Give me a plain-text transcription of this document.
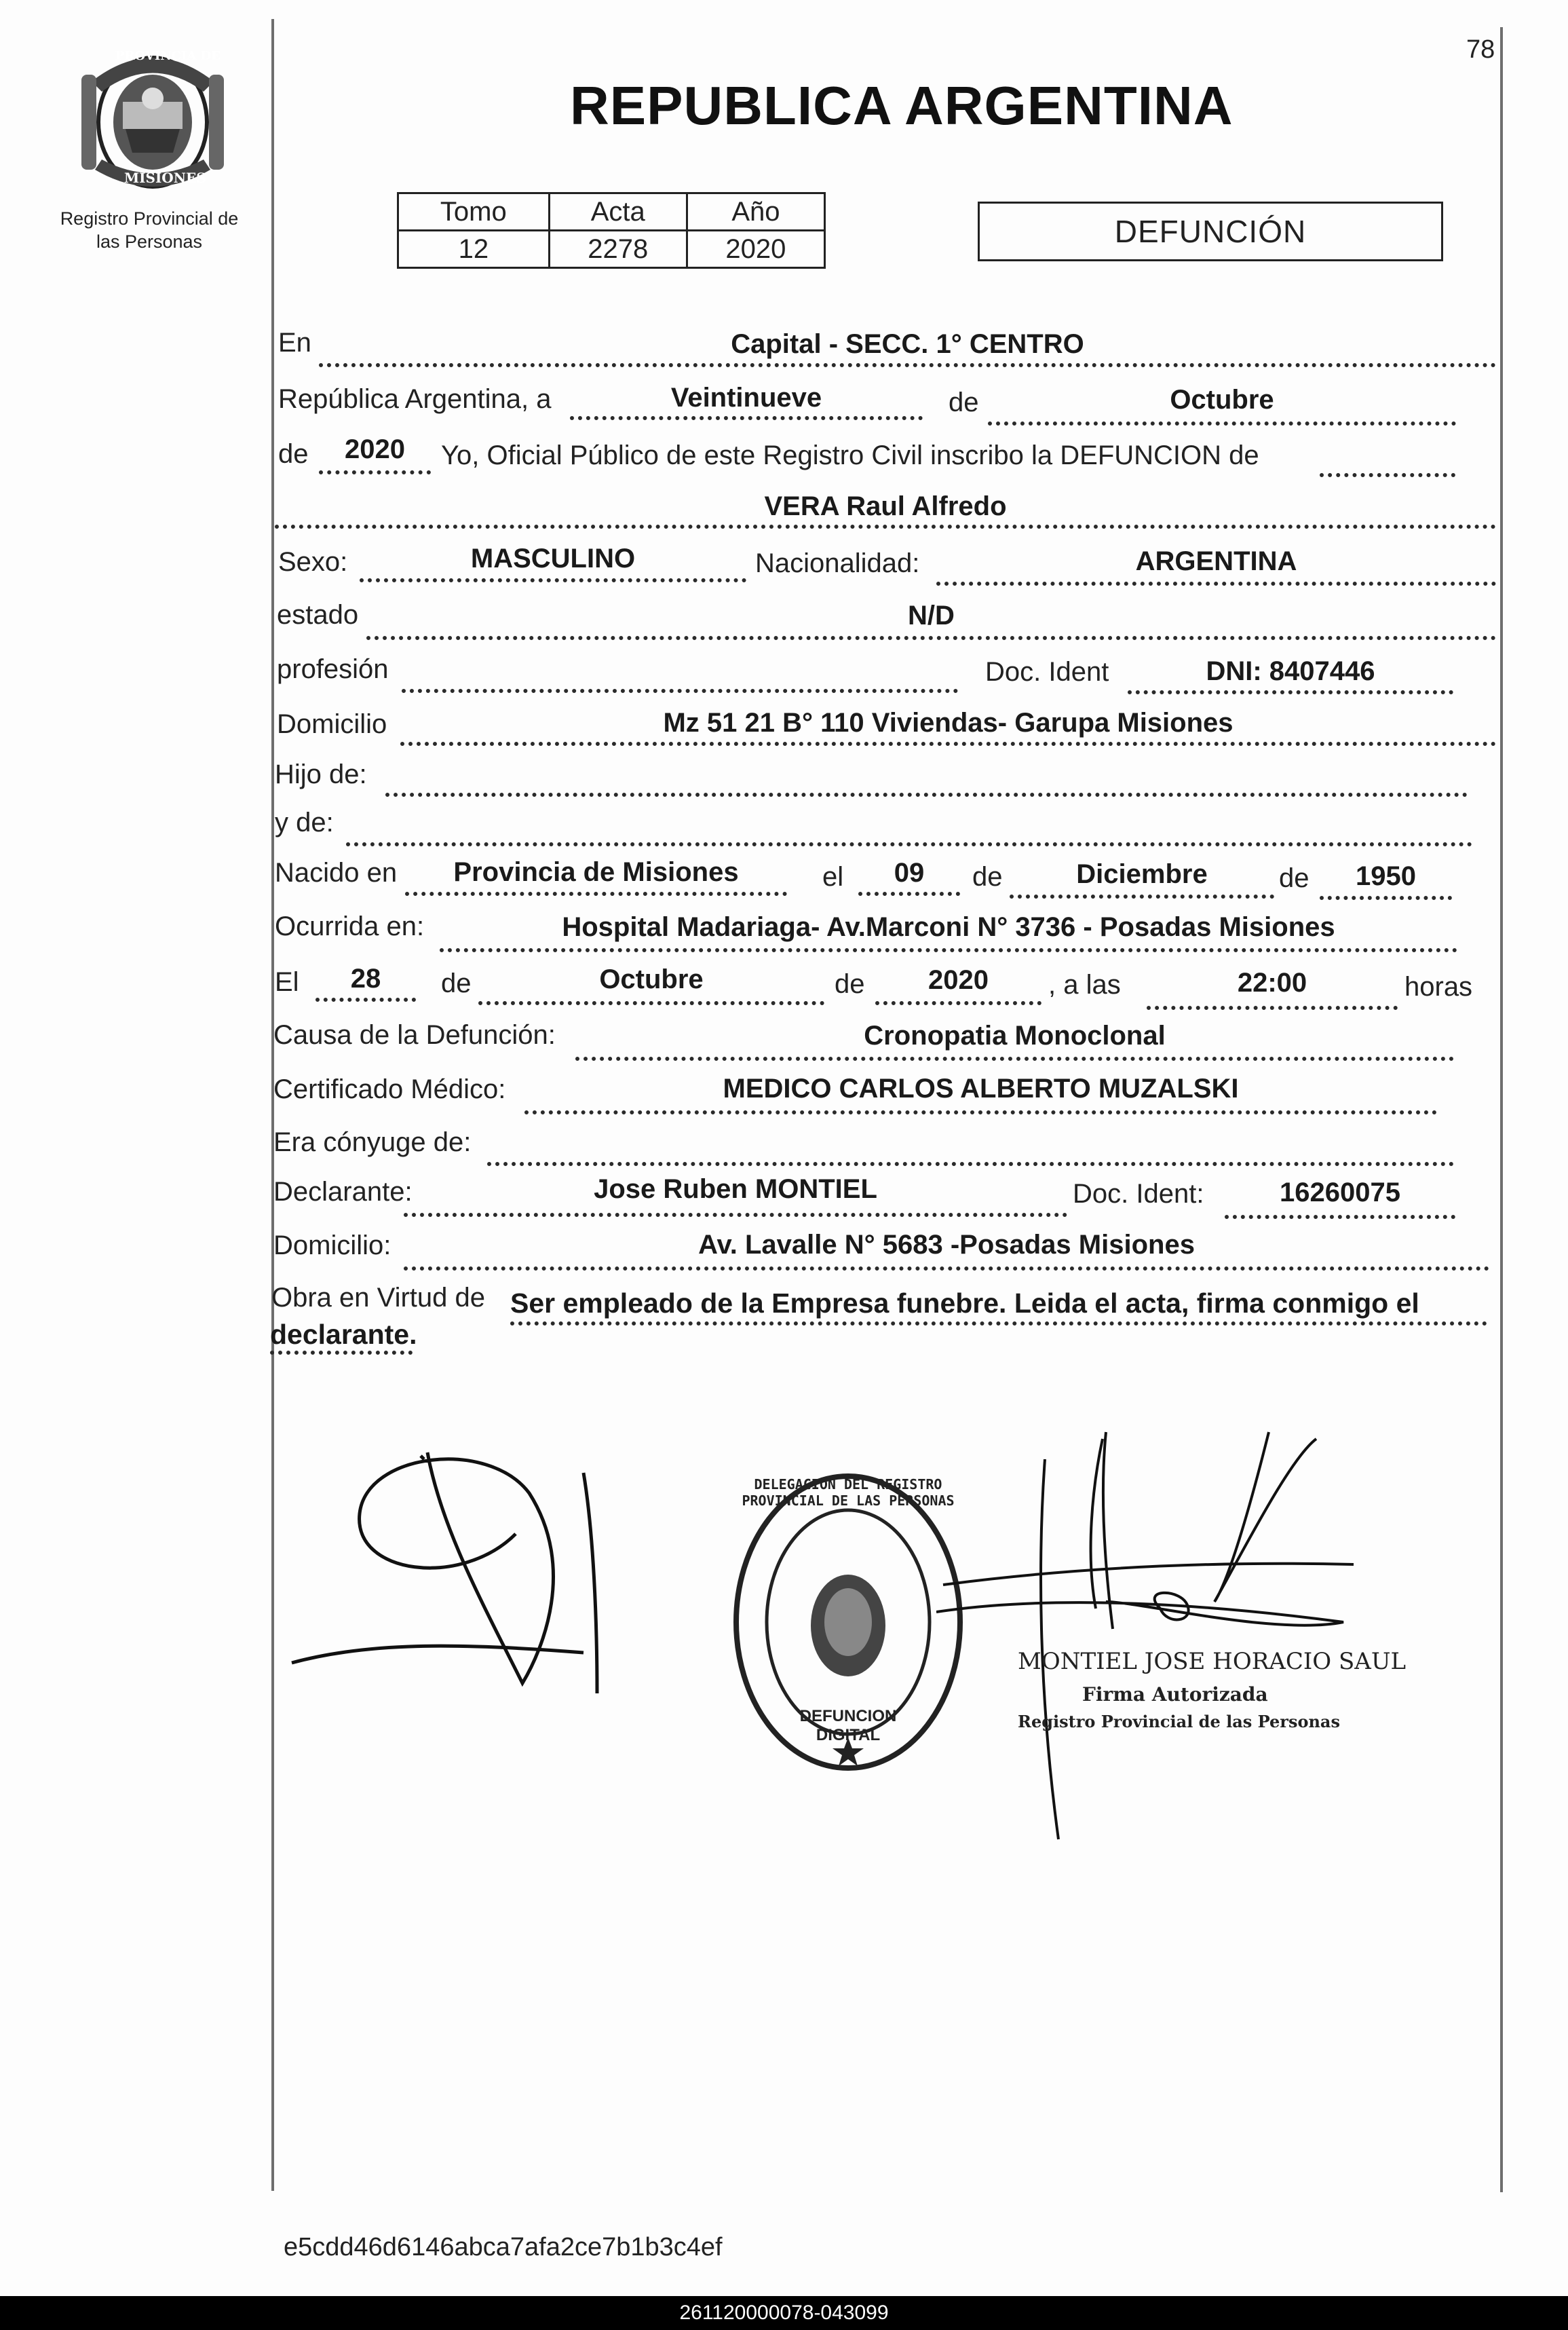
PROVINCIA DE
MISIONES
Registro Provincial de
las Personas
78
REPUBLICA ARGENTINA
Tomo	Acta	Año
12	2278	2020	DEFUNCIÓN
En	Capital - SECC. 1° CENTRO
República Argentina, a	Veintinueve	de	Octubre
de	2020	Yo, Oficial Público de este Registro Civil inscribo la DEFUNCION de
VERA Raul Alfredo
Sexo:	MASCULINO	Nacionalidad:	ARGENTINA
estado	N/D
profesión	Doc. Ident	DNI: 8407446
Domicilio	Mz 51 21 B° 110 Viviendas- Garupa Misiones
Hijo de:
y de:
Nacido en	Provincia de Misiones	el	09	de	Diciembre	de	1950
Ocurrida en:	Hospital Madariaga- Av.Marconi N° 3736 - Posadas Misiones
El	28	de	Octubre	de	2020	, a las	22:00	horas
Causa de la Defunción:	Cronopatia Monoclonal
Certificado Médico:	MEDICO CARLOS ALBERTO MUZALSKI
Era cónyuge de:
Declarante:	Jose Ruben MONTIEL	Doc. Ident:	16260075
Domicilio:	Av. Lavalle N° 5683 -Posadas Misiones
Obra en Virtud de Ser empleado de la Empresa funebre. Leida el acta, firma conmigo el
declarante.
DELEGACION DEL REGISTRO PROVINCIAL DE LAS PERSONAS
DEFUNCION DIGITAL
MONTIEL JOSE HORACIO SAUL
Firma Autorizada
Registro Provincial de las Personas
e5cdd46d6146abca7afa2ce7b1b3c4ef
261120000078-043099
